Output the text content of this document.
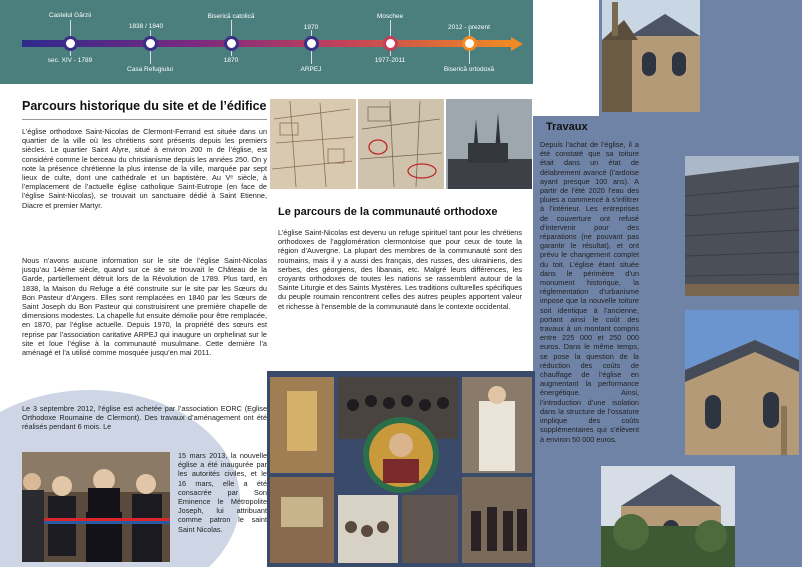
Castelul Gărzii
sec. XIV - 1789
1838 / 1840
Casa Refugiului
Biserică catolică
1870
1970
ARPEJ
Moschee
1977-2011
2012 - prezent
Biserică ortodoxă
Parcours historique du site et de l’édifice

L’église orthodoxe Saint-Nicolas de Clermont-Ferrand est située dans un quartier de la ville où les chrétiens sont présents depuis les premiers siècles. Le quartier Saint Alyre, situé à environ 200 m de l’église, est considéré comme le berceau du christianisme depuis les années 250. On y note la présence chrétienne la plus intense de la ville, marquée par sept lieux de culte, dont une cathédrale et un baptistère. Au Vᵉ siècle, à l’emplacement de l’actuelle église catholique Saint-Eutrope (en face de l’église Saint-Nicolas), se trouvait un sanctuaire dédié à Saint Etienne, Diacre et premier Martyr.

Nous n’avons aucune information sur le site de l’église Saint-Nicolas jusqu’au 14ème siècle, quand sur ce site se trouvait le Château de la Garde, partiellement détruit lors de la Révolution de 1789. Plus tard, en 1838, la Maison du Refuge a été construite sur le site par les Sœurs du Bon Pasteur d’Angers. Elles sont remplacées en 1840 par les Sœurs de Saint Joseph du Bon Pasteur qui construisirent une première chapelle de dimensions modestes. La chapelle fut ensuite démolie pour être remplacée, en 1870, par l’église actuelle. Depuis 1970, la propriété des sœurs est reprise par l’association caritative ARPEJ qui inaugure un orphelinat sur le site et loue l’église à la communauté musulmane. Cette dernière l’a aménagé et l’a utilisé comme mosquée jusqu’en mai 2011.

Le 3 septembre 2012, l’église est achetée par l’association EORC (Eglise Orthodoxe Roumaine de Clermont). Des travaux d’aménagement ont été réalisés pendant 6 mois. Le

15 mars 2013, la nouvelle église a été inaugurée par les autorités civiles, et le 16 mars, elle a été consacrée par Son Eminence le Métropolite Joseph, lui attribuant comme patron le saint Saint Nicolas.

Le parcours de la communauté orthodoxe

L’église Saint-Nicolas est devenu un refuge spirituel tant pour les chrétiens orthodoxes de l’agglomération clermontoise que pour ceux de toute la région d’Auvergne. La plupart des membres de la communauté sont des roumains, mais il y a aussi des français, des russes, des ukrainiens, des serbes, des géorgiens, des libanais, etc. Malgré leurs différences, les croyants orthodoxes de toutes les nations se rassemblent autour de la Sainte Liturgie et des Saints Mystères. Les traditions culturelles spécifiques du peuple roumain rencontrent celles des autres peuples apportent valeur et richesse à l’ensemble de la communauté dans le contexte occidental.

Travaux

Depuis l’achat de l’église, il a été constaté que sa toiture était dans un état de délabrement avancé (l’ardoise ayant presque 100 ans). A partir de l’été 2020 l’eau des pluies a commencé à s’infiltrer à l’intérieur. Les entreprises de couverture ont refusé d’intervenir pour des réparations (ne pouvant pas garantir le résultat), et ont prévu le changement complet du toit. L’église étant située dans le périmètre d’un monument historique, la réglementation d’urbanisme impose que la nouvelle toiture soit identique à l’ancienne, portant ainsi le coût des travaux à un montant compris entre 225 000 et 250 000 euros. Dans le même temps, se pose la question de la réduction des coûts de chauffage de l’église en augmentant la performance énergétique. Ainsi, l’introduction d’une isolation dans la structure de l’ossature implique des coûts supplémentaires qui s’élèvent à environ 50 000 euros.
